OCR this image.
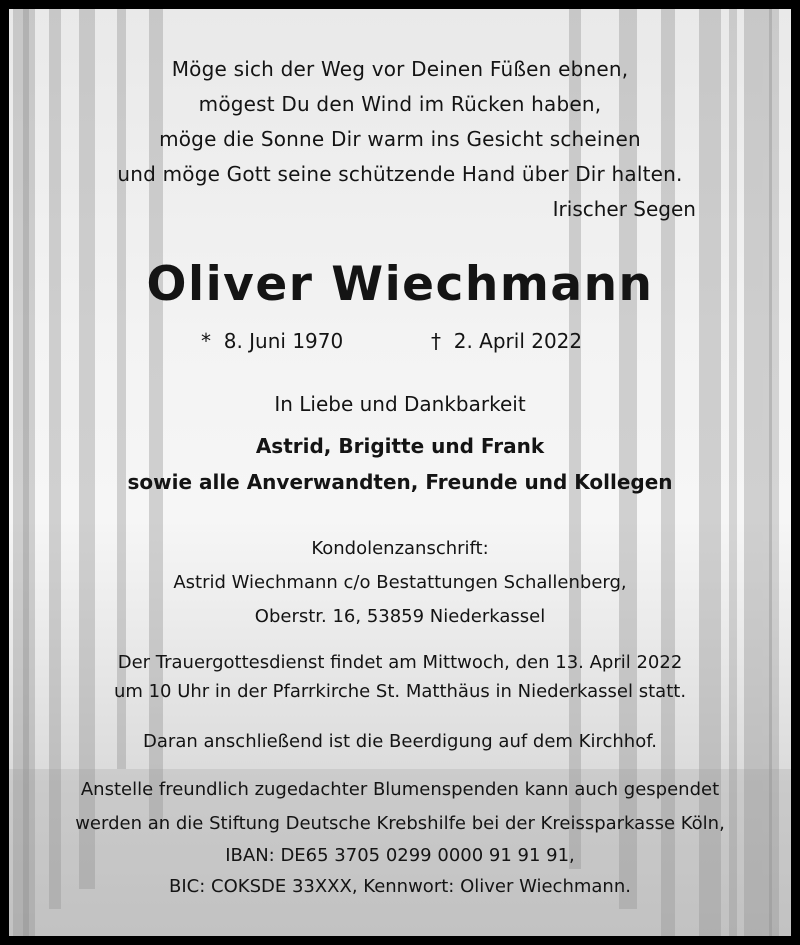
Möge sich der Weg vor Deinen Füßen ebnen,
mögest Du den Wind im Rücken haben,
möge die Sonne Dir warm ins Gesicht scheinen
und möge Gott seine schützende Hand über Dir halten.
Irischer Segen
Oliver Wiechmann
* 8. Juni 1970	† 2. April 2022
In Liebe und Dankbarkeit
Astrid, Brigitte und Frank
sowie alle Anverwandten, Freunde und Kollegen
Kondolenzanschrift:
Astrid Wiechmann c/o Bestattungen Schallenberg,
Oberstr. 16, 53859 Niederkassel
Der Trauergottesdienst findet am Mittwoch, den 13. April 2022
um 10 Uhr in der Pfarrkirche St. Matthäus in Niederkassel statt.
Daran anschließend ist die Beerdigung auf dem Kirchhof.
Anstelle freundlich zugedachter Blumenspenden kann auch gespendet
werden an die Stiftung Deutsche Krebshilfe bei der Kreissparkasse Köln,
IBAN: DE65 3705 0299 0000 91 91 91,
BIC: COKSDE 33XXX, Kennwort: Oliver Wiechmann.
